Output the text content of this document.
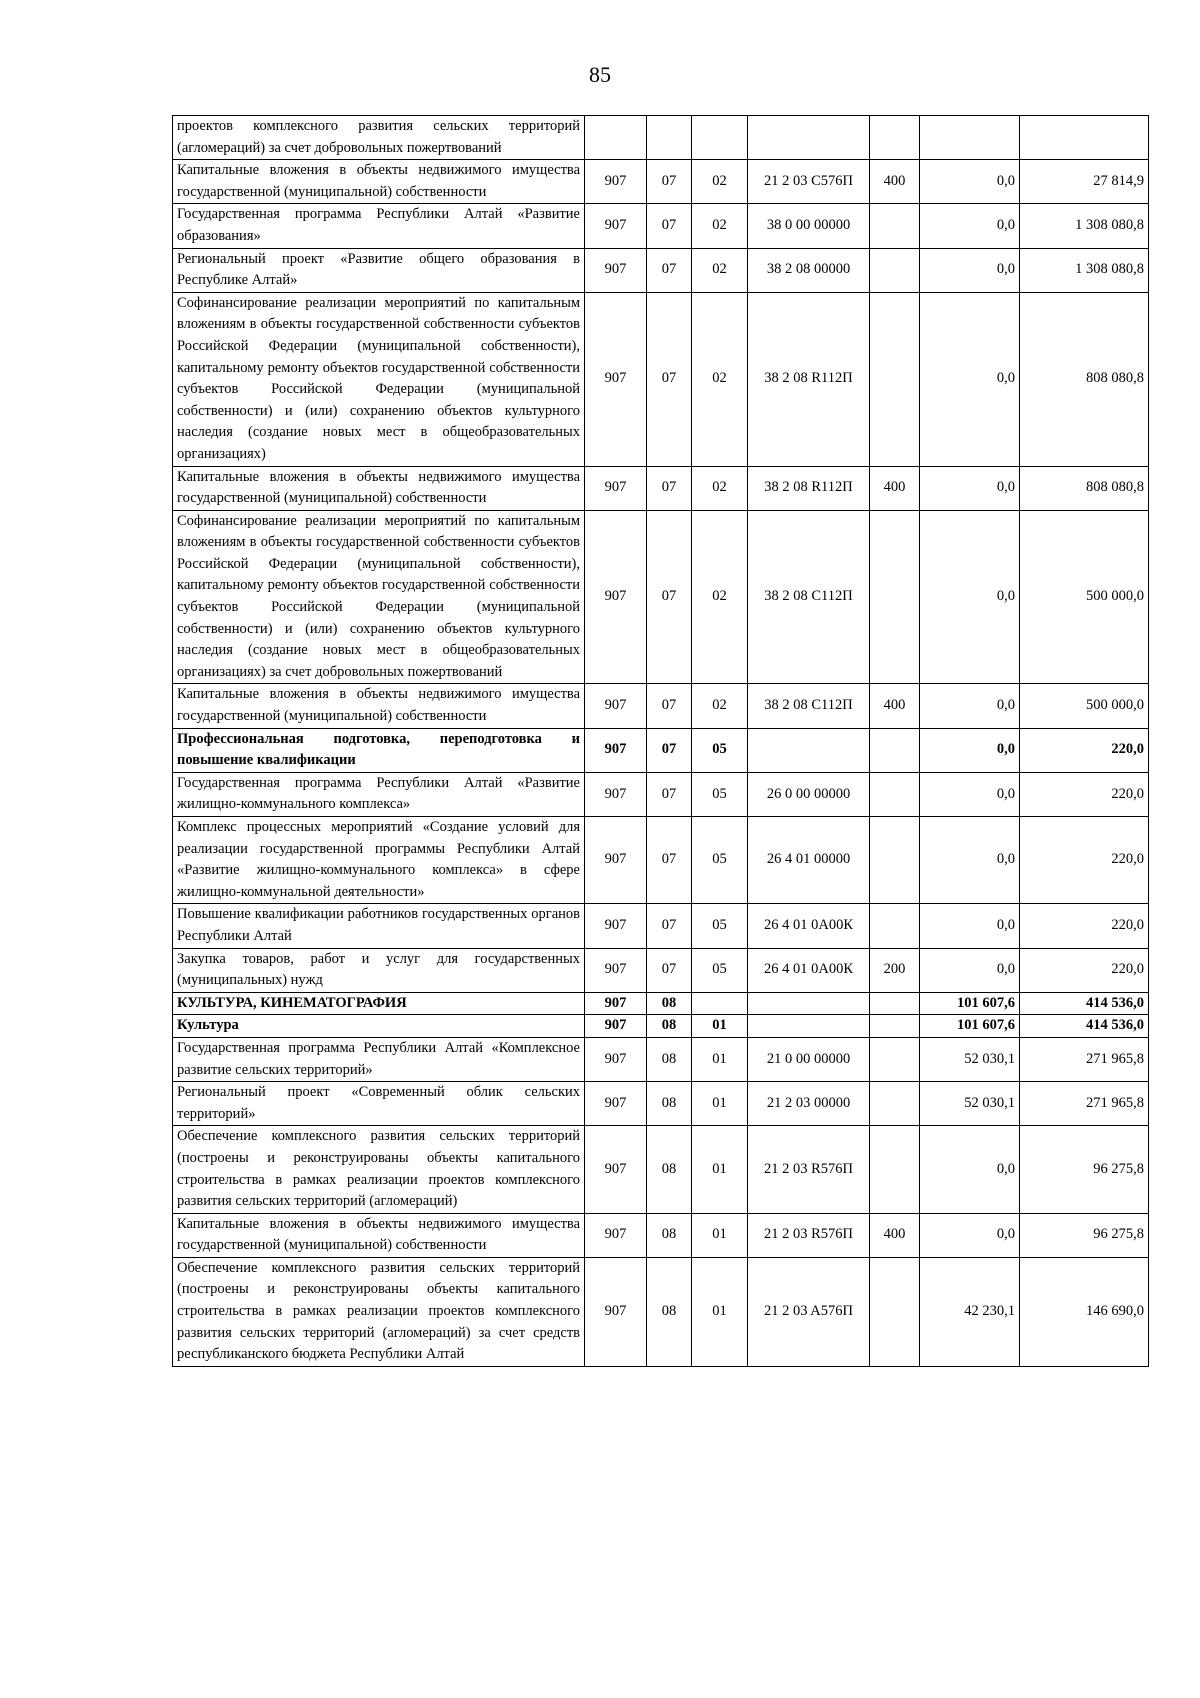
85
проектов комплексного развития сельских территорий (агломераций) за счет добровольных пожертвований							
Капитальные вложения в объекты недвижимого имущества государственной (муниципальной) собственности	907	07	02	21 2 03 C576П	400	0,0	27 814,9
Государственная программа Республики Алтай «Развитие образования»	907	07	02	38 0 00 00000		0,0	1 308 080,8
Региональный проект «Развитие общего образования в Республике Алтай»	907	07	02	38 2 08 00000		0,0	1 308 080,8
Софинансирование реализации мероприятий по капитальным вложениям в объекты государственной собственности субъектов Российской Федерации (муниципальной собственности), капитальному ремонту объектов государственной собственности субъектов Российской Федерации (муниципальной собственности) и (или) сохранению объектов культурного наследия (создание новых мест в общеобразовательных организациях)	907	07	02	38 2 08 R112П		0,0	808 080,8
Капитальные вложения в объекты недвижимого имущества государственной (муниципальной) собственности	907	07	02	38 2 08 R112П	400	0,0	808 080,8
Софинансирование реализации мероприятий по капитальным вложениям в объекты государственной собственности субъектов Российской Федерации (муниципальной собственности), капитальному ремонту объектов государственной собственности субъектов Российской Федерации (муниципальной собственности) и (или) сохранению объектов культурного наследия (создание новых мест в общеобразовательных организациях) за счет добровольных пожертвований	907	07	02	38 2 08 C112П		0,0	500 000,0
Капитальные вложения в объекты недвижимого имущества государственной (муниципальной) собственности	907	07	02	38 2 08 C112П	400	0,0	500 000,0
Профессиональная подготовка, переподготовка и повышение квалификации	907	07	05			0,0	220,0
Государственная программа Республики Алтай «Развитие жилищно-коммунального комплекса»	907	07	05	26 0 00 00000		0,0	220,0
Комплекс процессных мероприятий «Создание условий для реализации государственной программы Республики Алтай «Развитие жилищно-коммунального комплекса» в сфере жилищно-коммунальной деятельности»	907	07	05	26 4 01 00000		0,0	220,0
Повышение квалификации работников государственных органов Республики Алтай	907	07	05	26 4 01 0А00К		0,0	220,0
Закупка товаров, работ и услуг для государственных (муниципальных) нужд	907	07	05	26 4 01 0А00К	200	0,0	220,0
КУЛЬТУРА, КИНЕМАТОГРАФИЯ	907	08				101 607,6	414 536,0
Культура	907	08	01			101 607,6	414 536,0
Государственная программа Республики Алтай «Комплексное развитие сельских территорий»	907	08	01	21 0 00 00000		52 030,1	271 965,8
Региональный проект «Современный облик сельских территорий»	907	08	01	21 2 03 00000		52 030,1	271 965,8
Обеспечение комплексного развития сельских территорий (построены и реконструированы объекты капитального строительства в рамках реализации проектов комплексного развития сельских территорий (агломераций)	907	08	01	21 2 03 R576П		0,0	96 275,8
Капитальные вложения в объекты недвижимого имущества государственной (муниципальной) собственности	907	08	01	21 2 03 R576П	400	0,0	96 275,8
Обеспечение комплексного развития сельских территорий (построены и реконструированы объекты капитального строительства в рамках реализации проектов комплексного развития сельских территорий (агломераций) за счет средств республиканского бюджета Республики Алтай	907	08	01	21 2 03 A576П		42 230,1	146 690,0
